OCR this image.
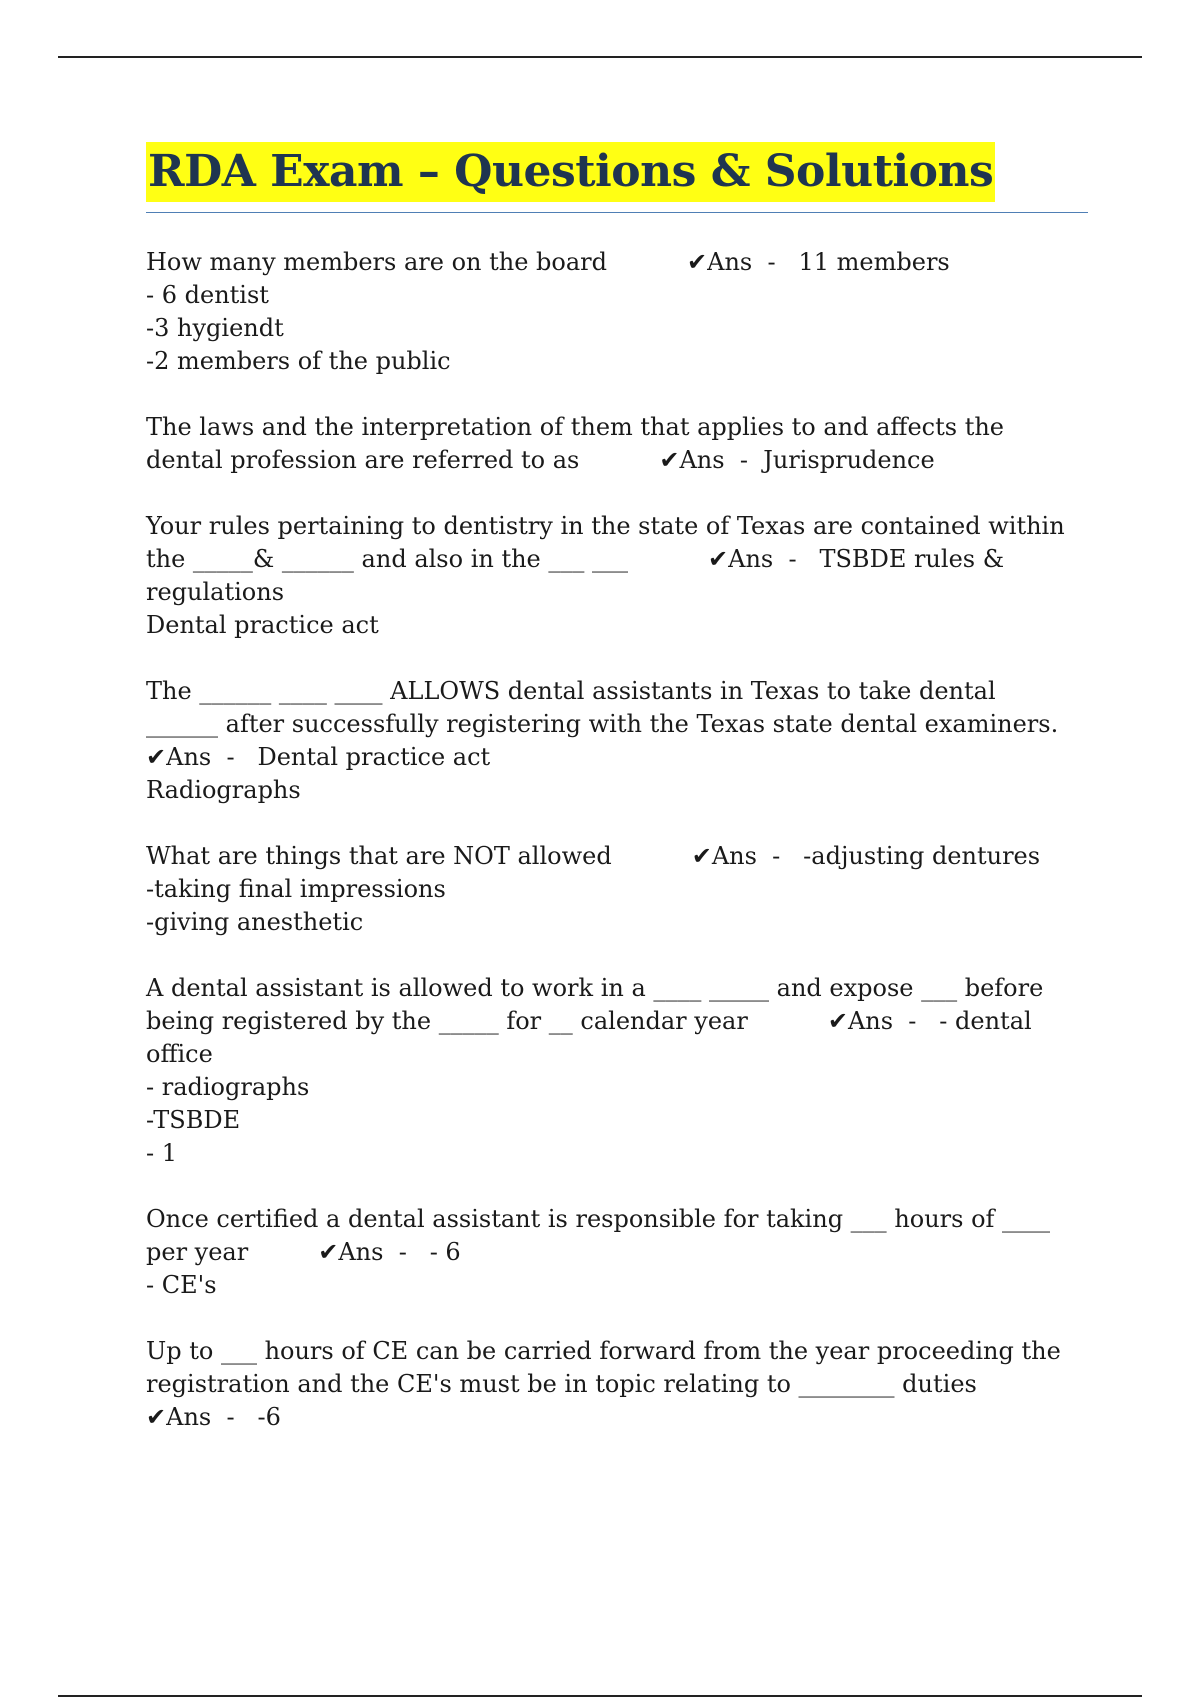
RDA Exam – Questions & Solutions
How many members are on the board	✔Ans  -   11 members
- 6 dentist
-3 hygiendt
-2 members of the public
The laws and the interpretation of them that applies to and affects the
dental profession are referred to as	✔Ans  -  Jurisprudence
Your rules pertaining to dentistry in the state of Texas are contained within
the _____& ______ and also in the ___ ___	✔Ans  -   TSBDE rules &
regulations
Dental practice act
The ______ ____ ____ ALLOWS dental assistants in Texas to take dental
______ after successfully registering with the Texas state dental examiners.
✔Ans  -   Dental practice act
Radiographs
What are things that are NOT allowed	✔Ans  -   -adjusting dentures
-taking final impressions
-giving anesthetic
A dental assistant is allowed to work in a ____ _____ and expose ___ before
being registered by the _____ for __ calendar year	✔Ans  -   - dental
office
- radiographs
-TSBDE
- 1
Once certified a dental assistant is responsible for taking ___ hours of ____
per year	✔Ans  -   - 6
- CE's
Up to ___ hours of CE can be carried forward from the year proceeding the
registration and the CE's must be in topic relating to ________ duties
✔Ans  -   -6
